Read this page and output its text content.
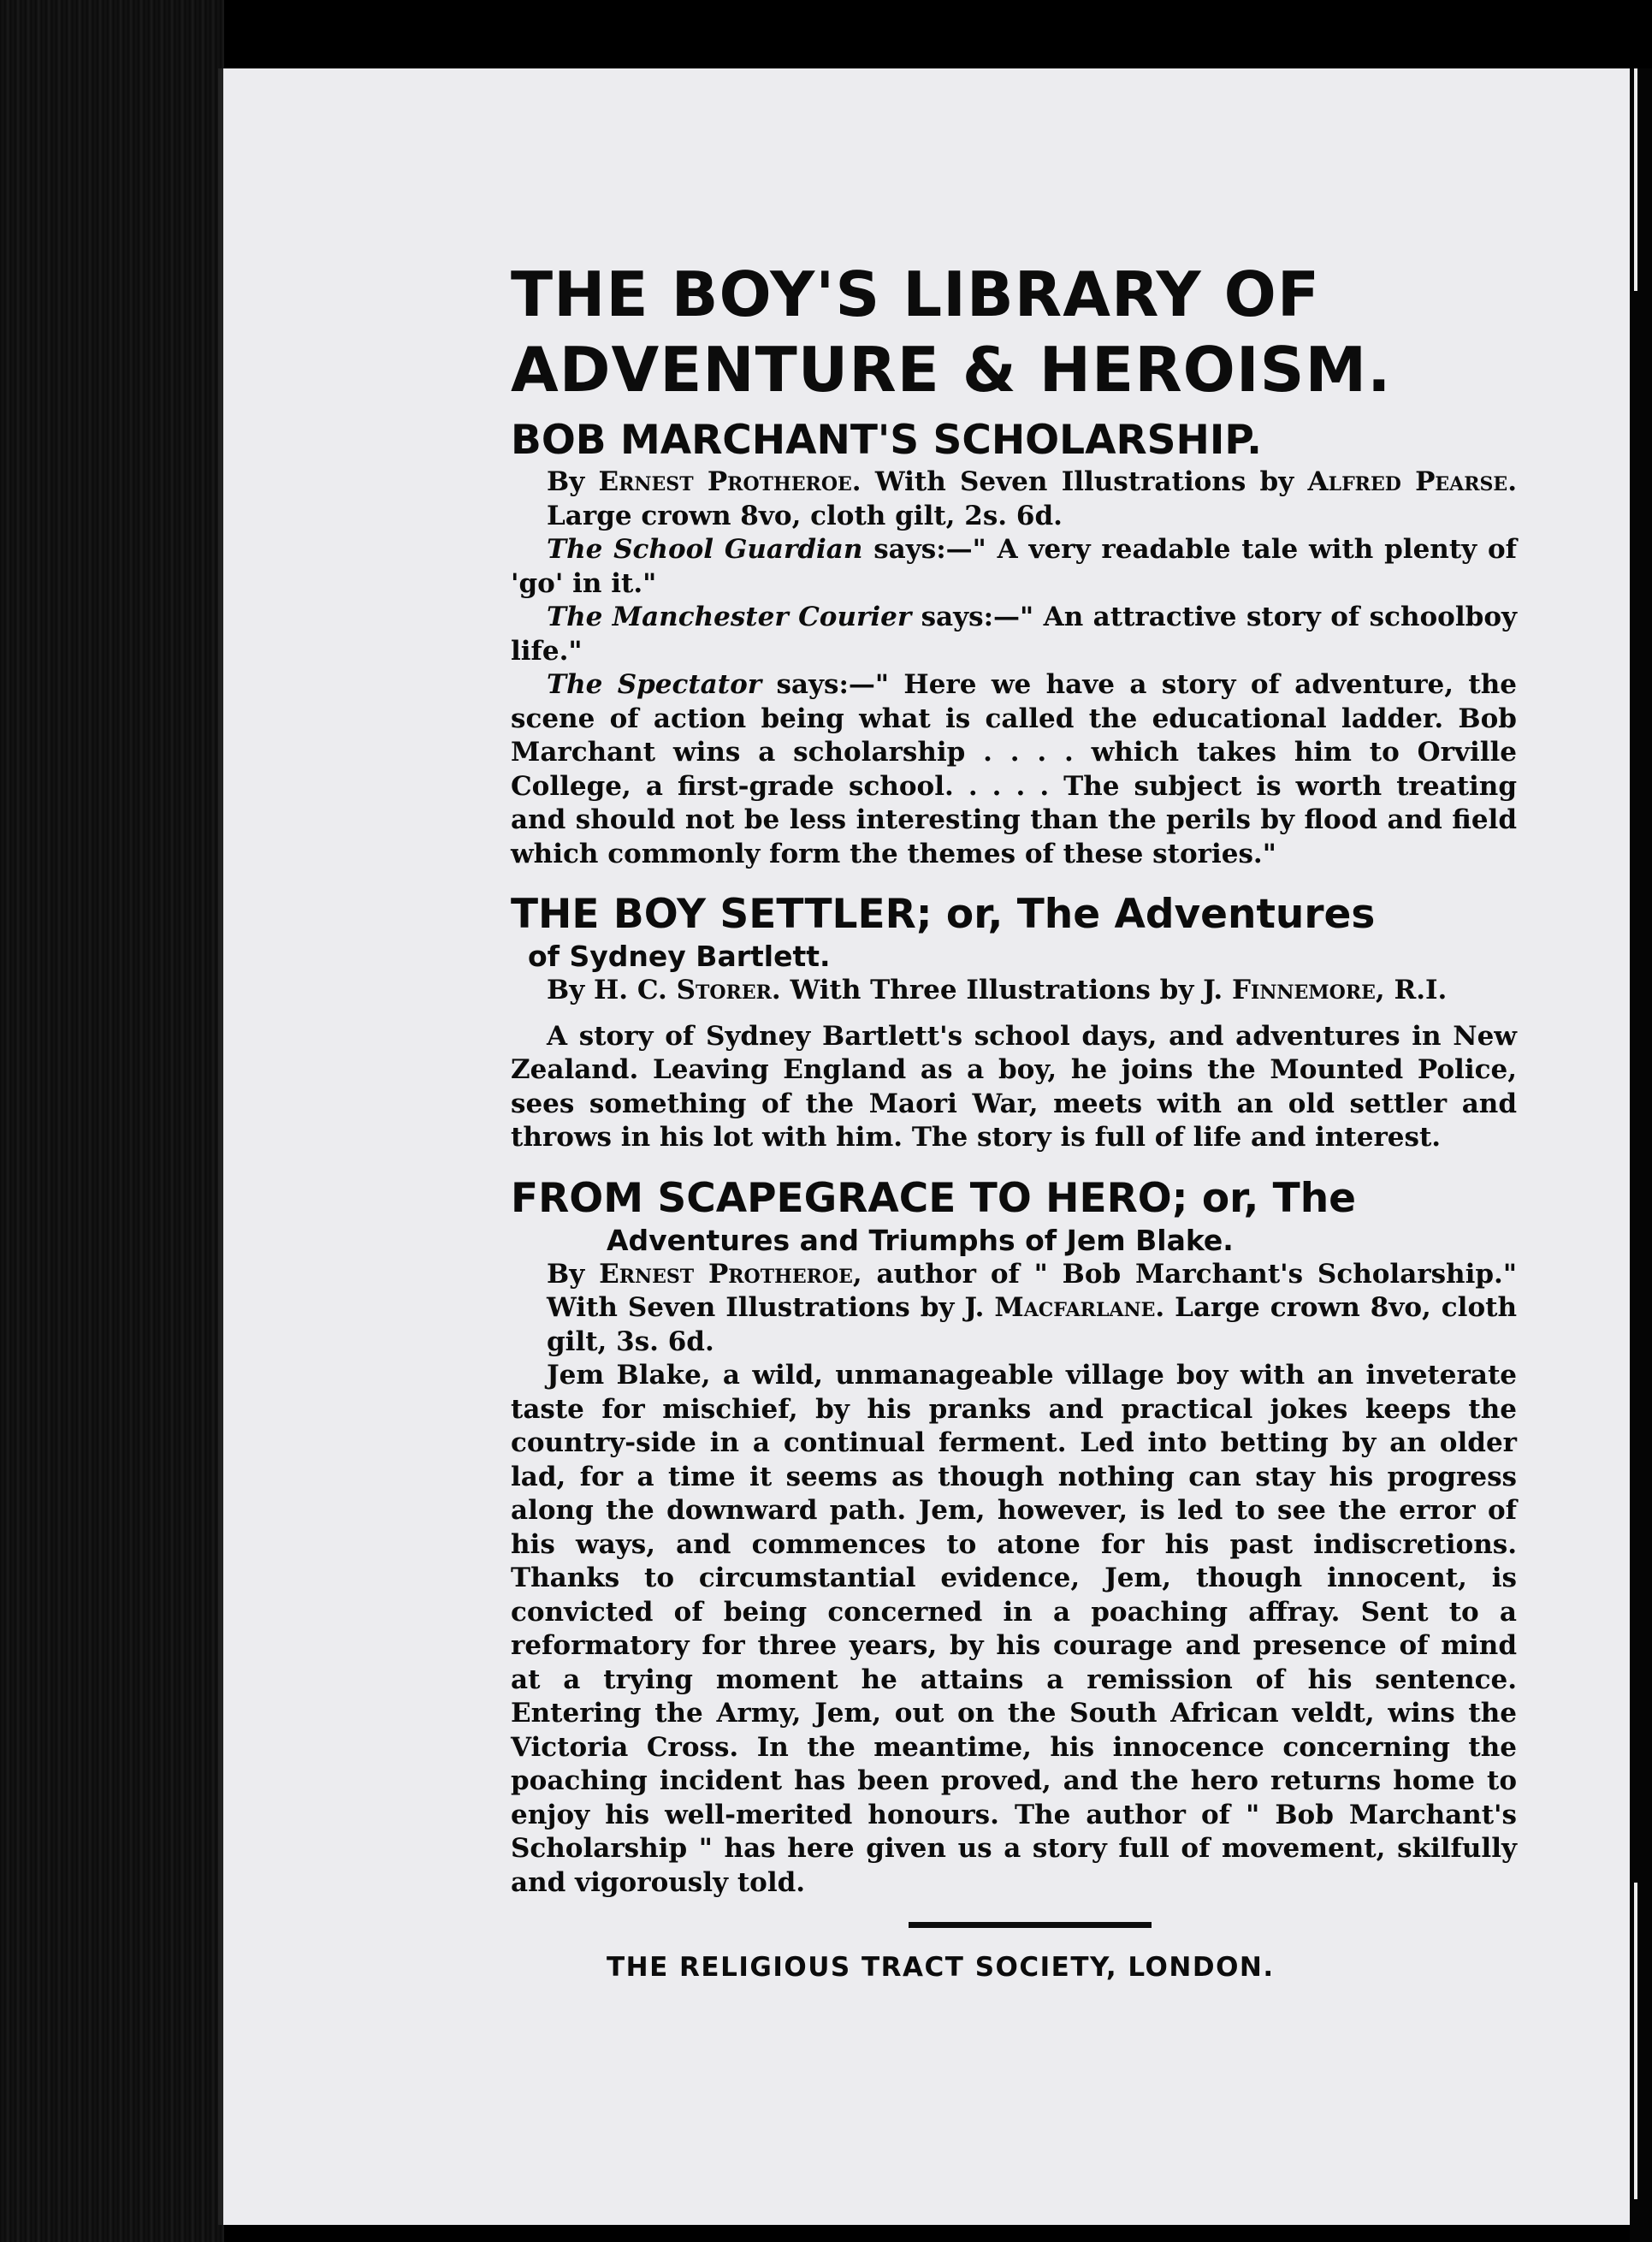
THE BOY'S LIBRARY OF
ADVENTURE & HEROISM.
BOB MARCHANT'S SCHOLARSHIP.

By Ernest Protheroe. With Seven Illustrations by Alfred Pearse. Large crown 8vo, cloth gilt, 2s. 6d.

The School Guardian says:—" A very readable tale with plenty of 'go' in it."

The Manchester Courier says:—" An attractive story of schoolboy life."

The Spectator says:—" Here we have a story of adventure, the scene of action being what is called the educational ladder. Bob Marchant wins a scholarship . . . . which takes him to Orville College, a first-grade school. . . . . The subject is worth treating and should not be less interesting than the perils by flood and field which commonly form the themes of these stories."

THE BOY SETTLER; or, The Adventures

of Sydney Bartlett.

By H. C. Storer. With Three Illustrations by J. Finnemore, R.I.

A story of Sydney Bartlett's school days, and adventures in New Zealand. Leaving England as a boy, he joins the Mounted Police, sees something of the Maori War, meets with an old settler and throws in his lot with him. The story is full of life and interest.

FROM SCAPEGRACE TO HERO; or, The

Adventures and Triumphs of Jem Blake.

By Ernest Protheroe, author of " Bob Marchant's Scholarship." With Seven Illustrations by J. Macfarlane. Large crown 8vo, cloth gilt, 3s. 6d.

Jem Blake, a wild, unmanageable village boy with an inveterate taste for mischief, by his pranks and practical jokes keeps the country-side in a continual ferment. Led into betting by an older lad, for a time it seems as though nothing can stay his progress along the downward path. Jem, however, is led to see the error of his ways, and commences to atone for his past indiscretions. Thanks to circumstantial evidence, Jem, though innocent, is convicted of being concerned in a poaching affray. Sent to a reformatory for three years, by his courage and presence of mind at a trying moment he attains a remission of his sentence. Entering the Army, Jem, out on the South African veldt, wins the Victoria Cross. In the meantime, his innocence concerning the poaching incident has been proved, and the hero returns home to enjoy his well-merited honours. The author of " Bob Marchant's Scholarship " has here given us a story full of movement, skilfully and vigorously told.

THE RELIGIOUS TRACT SOCIETY, LONDON.
